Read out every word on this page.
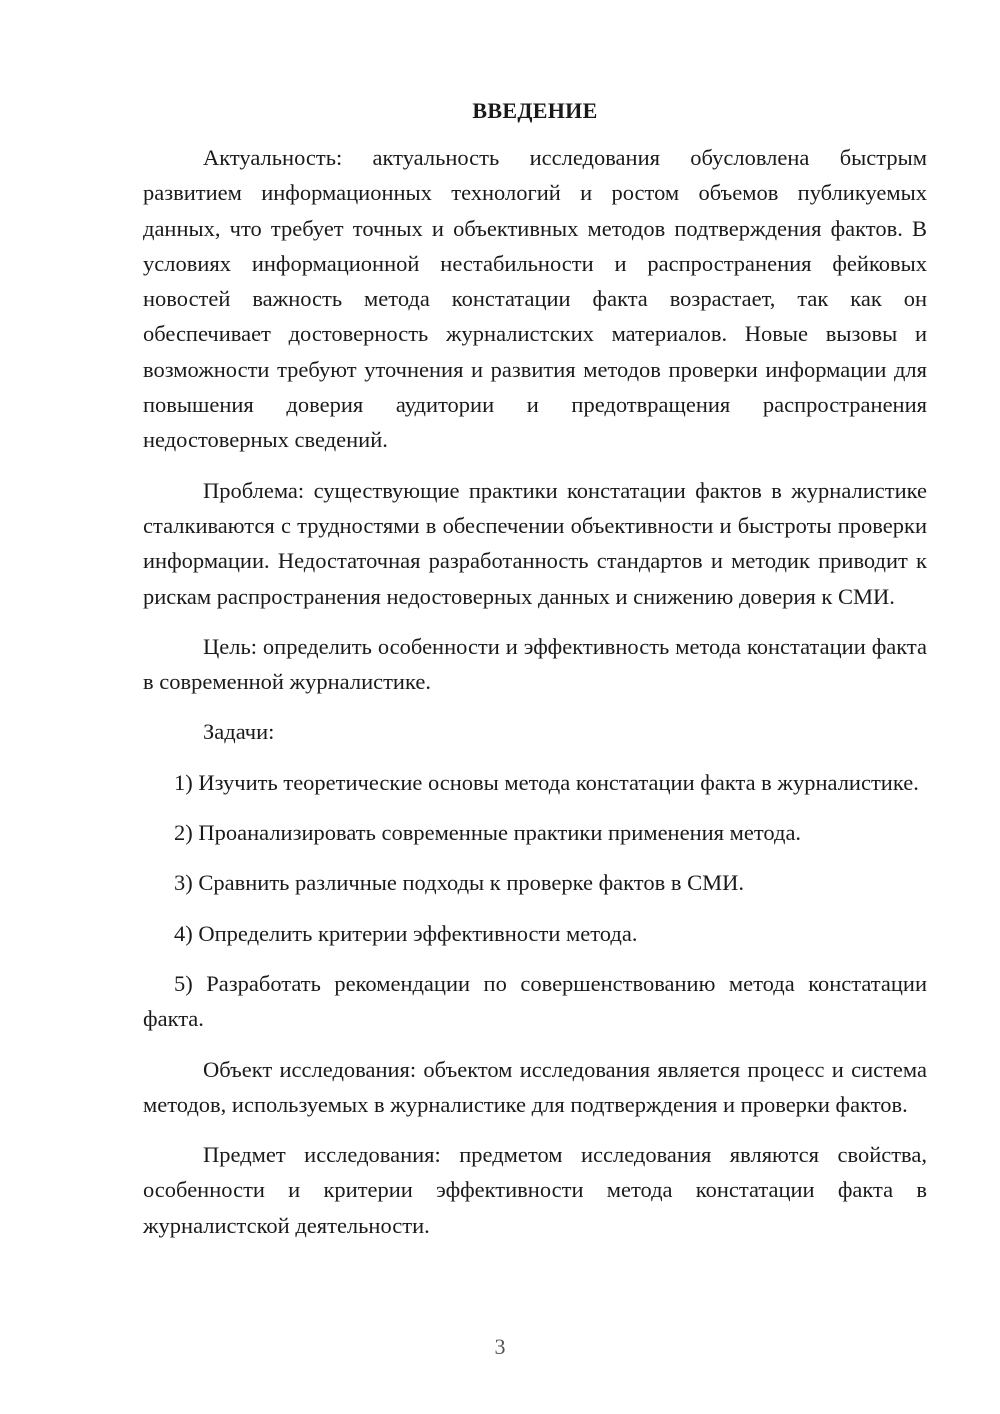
ВВЕДЕНИЕ

Актуальность: актуальность исследования обусловлена быстрым развитием информационных технологий и ростом объемов публикуемых данных, что требует точных и объективных методов подтверждения фактов. В условиях информационной нестабильности и распространения фейковых новостей важность метода констатации факта возрастает, так как он обеспечивает достоверность журналистских материалов. Новые вызовы и возможности требуют уточнения и развития методов проверки информации для повышения доверия аудитории и предотвращения распространения недостоверных сведений.

Проблема: существующие практики констатации фактов в журналистике сталкиваются с трудностями в обеспечении объективности и быстроты проверки информации. Недостаточная разработанность стандартов и методик приводит к рискам распространения недостоверных данных и снижению доверия к СМИ.

Цель: определить особенности и эффективность метода констатации факта в современной журналистике.

Задачи:

1) Изучить теоретические основы метода констатации факта в журналистике.

2) Проанализировать современные практики применения метода.

3) Сравнить различные подходы к проверке фактов в СМИ.

4) Определить критерии эффективности метода.

5) Разработать рекомендации по совершенствованию метода констатации факта.

Объект исследования: объектом исследования является процесс и система методов, используемых в журналистике для подтверждения и проверки фактов.

Предмет исследования: предметом исследования являются свойства, особенности и критерии эффективности метода констатации факта в журналистской деятельности.

3
